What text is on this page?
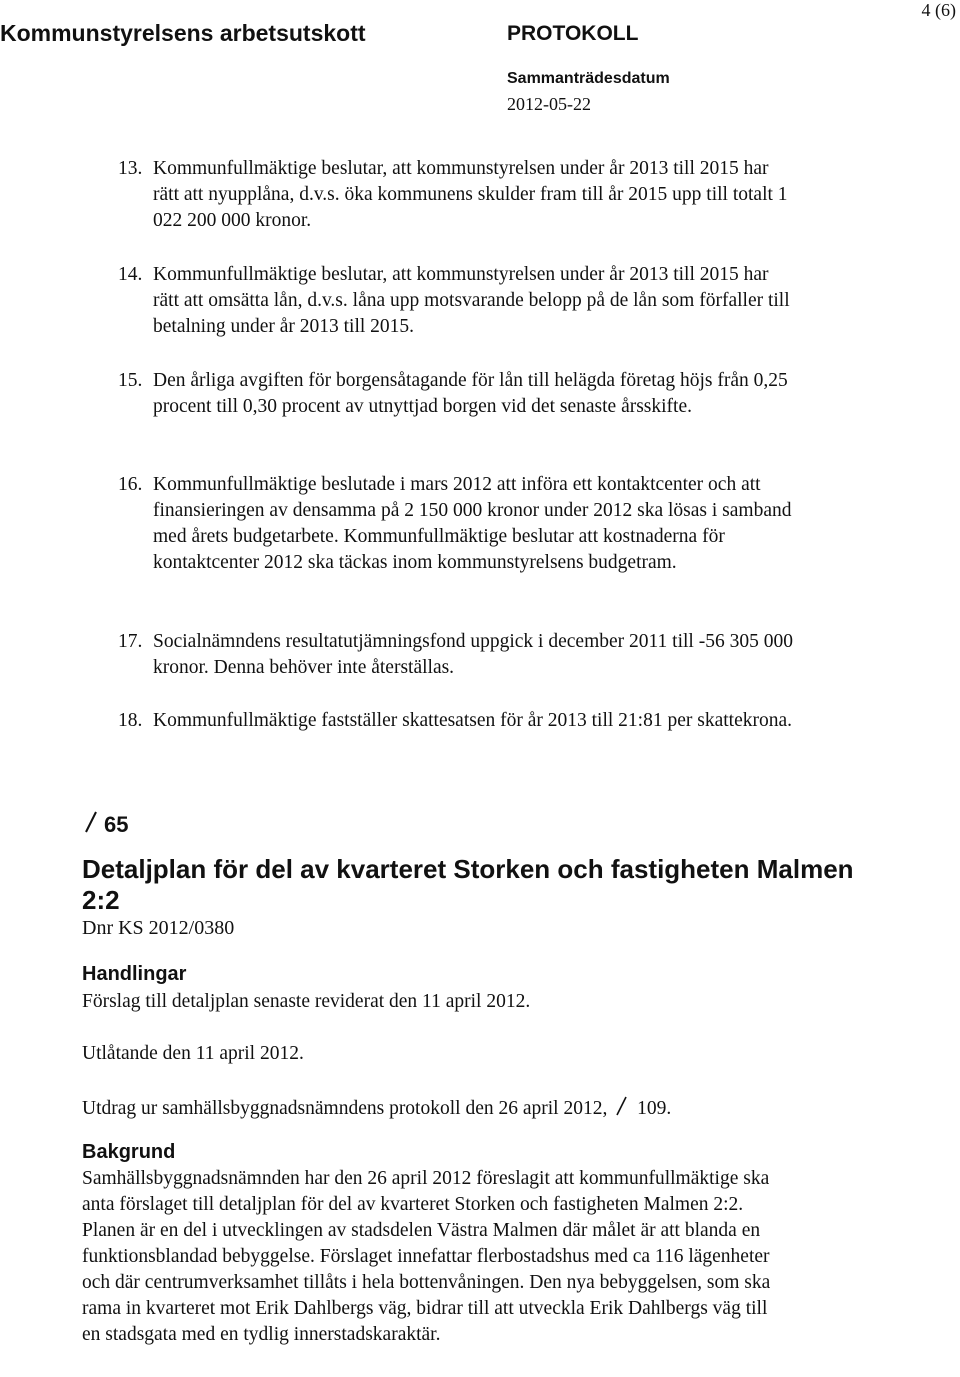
Kommunstyrelsens arbetsutskott	PROTOKOLL
4 (6)
Sammanträdesdatum
2012-05-22
13. Kommunfullmäktige beslutar, att kommunstyrelsen under år 2013 till 2015 har rätt att nyupplåna, d.v.s. öka kommunens skulder fram till år 2015 upp till totalt 1 022 200 000 kronor.
14. Kommunfullmäktige beslutar, att kommunstyrelsen under år 2013 till 2015 har rätt att omsätta lån, d.v.s. låna upp motsvarande belopp på de lån som förfaller till betalning under år 2013 till 2015.
15. Den årliga avgiften för borgensåtagande för lån till helägda företag höjs från 0,25 procent till 0,30 procent av utnyttjad borgen vid det senaste årsskifte.
16. Kommunfullmäktige beslutade i mars 2012 att införa ett kontaktcenter och att finansieringen av densamma på 2 150 000 kronor under 2012 ska lösas i samband med årets budgetarbete. Kommunfullmäktige beslutar att kostnaderna för kontaktcenter 2012 ska täckas inom kommunstyrelsens budgetram.
17. Socialnämndens resultatutjämningsfond uppgick i december 2011 till -56 305 000 kronor. Denna behöver inte återställas.
18. Kommunfullmäktige fastställer skattesatsen för år 2013 till 21:81 per skattekrona.
65
Detaljplan för del av kvarteret Storken och fastigheten Malmen 2:2
Dnr KS 2012/0380
Handlingar
Förslag till detaljplan senaste reviderat den 11 april 2012.
Utlåtande den 11 april 2012.
Utdrag ur samhällsbyggnadsnämndens protokoll den 26 april 2012, 109.
Bakgrund
Samhällsbyggnadsnämnden har den 26 april 2012 föreslagit att kommunfullmäktige ska anta förslaget till detaljplan för del av kvarteret Storken och fastigheten Malmen 2:2. Planen är en del i utvecklingen av stadsdelen Västra Malmen där målet är att blanda en funktionsblandad bebyggelse. Förslaget innefattar flerbostadshus med ca 116 lägenheter och där centrumverksamhet tillåts i hela bottenvåningen. Den nya bebyggelsen, som ska rama in kvarteret mot Erik Dahlbergs väg, bidrar till att utveckla Erik Dahlbergs väg till en stadsgata med en tydlig innerstadskaraktär.
